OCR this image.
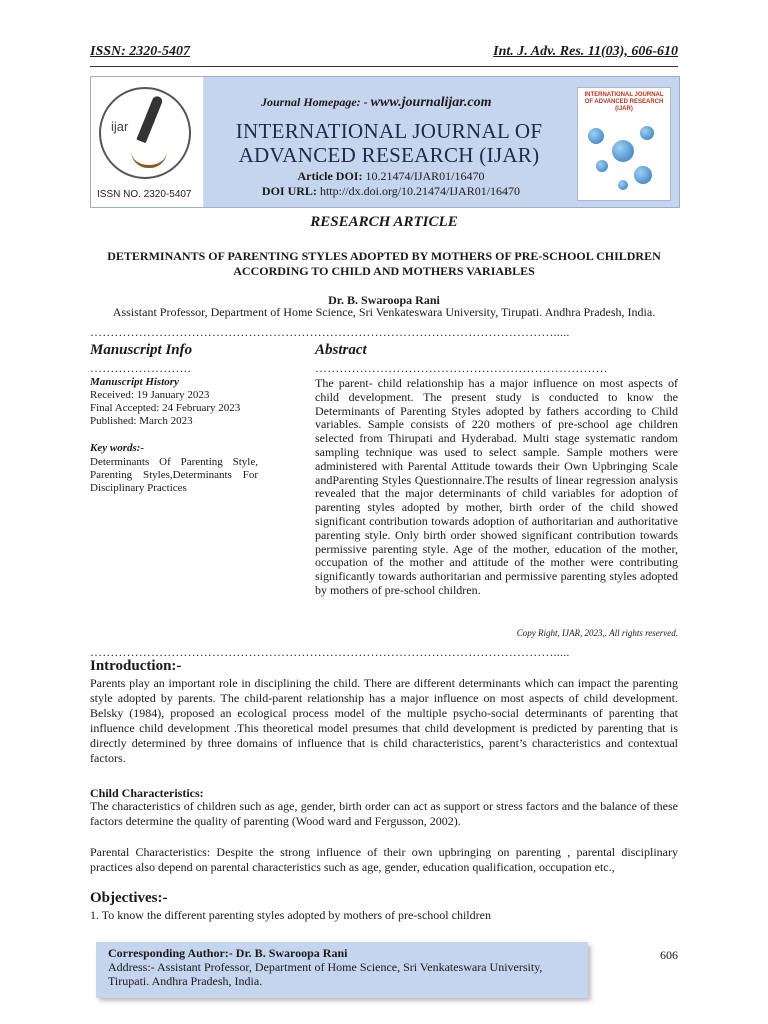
ISSN: 2320-5407	Int. J. Adv. Res. 11(03), 606-610
ijar
ISSN NO. 2320-5407
Journal Homepage: - www.journalijar.com
INTERNATIONAL JOURNAL OF
ADVANCED RESEARCH (IJAR)
Article DOI: 10.21474/IJAR01/16470
DOI URL: http://dx.doi.org/10.21474/IJAR01/16470
INTERNATIONAL JOURNAL OF ADVANCED RESEARCH (IJAR)
RESEARCH ARTICLE
DETERMINANTS OF PARENTING STYLES ADOPTED BY MOTHERS OF PRE-SCHOOL CHILDREN
ACCORDING TO CHILD AND MOTHERS VARIABLES
Dr. B. Swaroopa Rani
Assistant Professor, Department of Home Science, Sri Venkateswara University, Tirupati. Andhra Pradesh, India.
…………………………………………………………………………………………………….....
Manuscript Info	Abstract
…………………….	………………………………………………………………
Manuscript History
Received: 19 January 2023
Final Accepted: 24 February 2023
Published: March 2023
Key words:-
Determinants Of Parenting Style, Parenting Styles,Determinants For Disciplinary Practices
The parent- child relationship has a major influence on most aspects of child development. The present study is conducted to know the Determinants of Parenting Styles adopted by fathers according to Child variables. Sample consists of 220 mothers of pre-school age children selected from Thirupati and Hyderabad. Multi stage systematic random sampling technique was used to select sample. Sample mothers were administered with Parental Attitude towards their Own Upbringing Scale andParenting Styles Questionnaire.The results of linear regression analysis revealed that the major determinants of child variables for adoption of parenting styles adopted by mother, birth order of the child showed significant contribution towards adoption of authoritarian and authoritative parenting style. Only birth order showed significant contribution towards permissive parenting style. Age of the mother, education of the mother, occupation of the mother and attitude of the mother were contributing significantly towards authoritarian and permissive parenting styles adopted by mothers of pre-school children.
Copy Right, IJAR, 2023,. All rights reserved.
…………………………………………………………………………………………………….....
Introduction:-
Parents play an important role in disciplining the child. There are different determinants which can impact the parenting style adopted by parents. The child-parent relationship has a major influence on most aspects of child development. Belsky (1984), proposed an ecological process model of the multiple psycho-social determinants of parenting that influence child development .This theoretical model presumes that child development is predicted by parenting that is directly determined by three domains of influence that is child characteristics, parent’s characteristics and contextual factors.
Child Characteristics:
The characteristics of children such as age, gender, birth order can act as support or stress factors and the balance of these factors determine the quality of parenting (Wood ward and Fergusson, 2002).
Parental Characteristics: Despite the strong influence of their own upbringing on parenting , parental disciplinary practices also depend on parental characteristics such as age, gender, education qualification, occupation etc.,
Objectives:-
1. To know the different parenting styles adopted by mothers of pre-school children
Corresponding Author:- Dr. B. Swaroopa Rani
Address:- Assistant Professor, Department of Home Science, Sri Venkateswara University, Tirupati. Andhra Pradesh, India.
606
